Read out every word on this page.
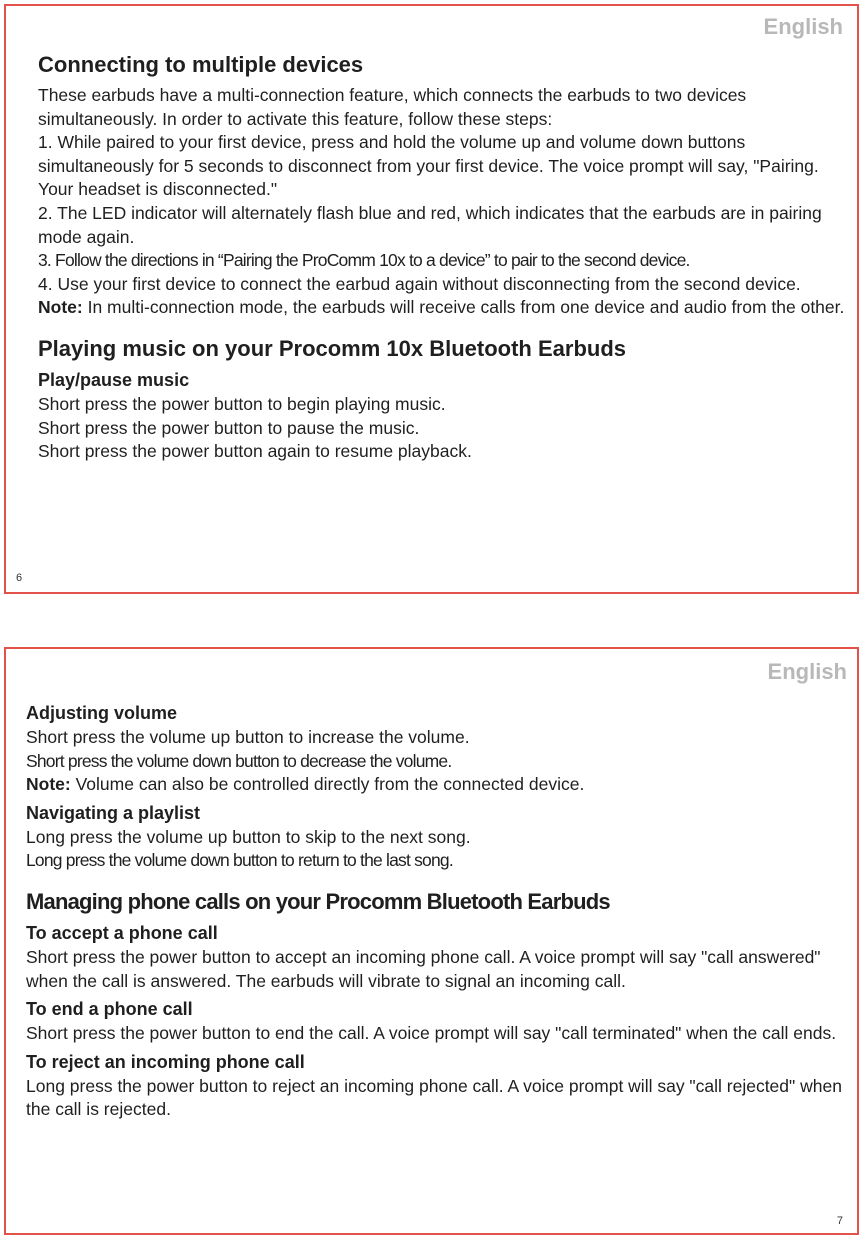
English
Connecting to multiple devices

These earbuds have a multi-connection feature, which connects the earbuds to two devices simultaneously. In order to activate this feature, follow these steps:

1. While paired to your first device, press and hold the volume up and volume down buttons simultaneously for 5 seconds to disconnect from your first device. The voice prompt will say, "Pairing. Your headset is disconnected."
2. The LED indicator will alternately flash blue and red, which indicates that the earbuds are in pairing mode again.
3. Follow the directions in “Pairing the ProComm 10x to a device” to pair to the second device.
4. Use your first device to connect the earbud again without disconnecting from the second device.

Note: In multi-connection mode, the earbuds will receive calls from one device and audio from the other.

Playing music on your Procomm 10x Bluetooth Earbuds
Play/pause music

Short press the power button to begin playing music.

Short press the power button to pause the music.

Short press the power button again to resume playback.

6
English
Adjusting volume

Short press the volume up button to increase the volume.

Short press the volume down button to decrease the volume.

Note: Volume can also be controlled directly from the connected device.

Navigating a playlist

Long press the volume up button to skip to the next song.

Long press the volume down button to return to the last song.

Managing phone calls on your Procomm Bluetooth Earbuds
To accept a phone call

Short press the power button to accept an incoming phone call. A voice prompt will say "call answered" when the call is answered. The earbuds will vibrate to signal an incoming call.

To end a phone call

Short press the power button to end the call. A voice prompt will say "call terminated" when the call ends.

To reject an incoming phone call

Long press the power button to reject an incoming phone call. A voice prompt will say "call rejected" when the call is rejected.

7
